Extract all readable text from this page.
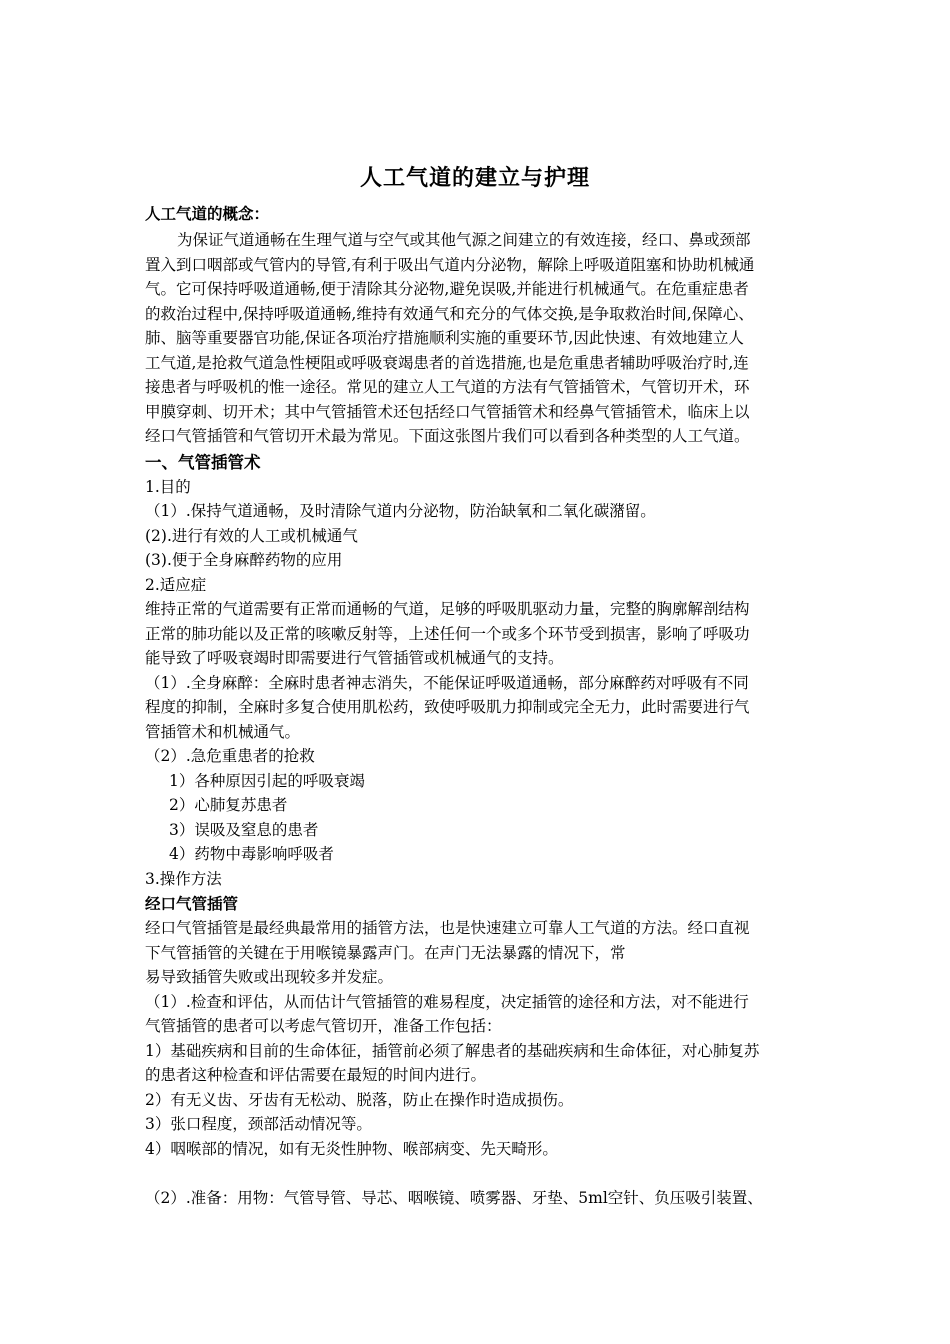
人工气道的建立与护理
人工气道的概念：
为保证气道通畅在生理气道与空气或其他气源之间建立的有效连接，经口、鼻或颈部
置入到口咽部或气管内的导管,有利于吸出气道内分泌物，解除上呼吸道阻塞和协助机械通
气。它可保持呼吸道通畅,便于清除其分泌物,避免误吸,并能进行机械通气。在危重症患者
的救治过程中,保持呼吸道通畅,维持有效通气和充分的气体交换,是争取救治时间,保障心、
肺、脑等重要器官功能,保证各项治疗措施顺利实施的重要环节,因此快速、有效地建立人
工气道,是抢救气道急性梗阻或呼吸衰竭患者的首选措施,也是危重患者辅助呼吸治疗时,连
接患者与呼吸机的惟一途径。常见的建立人工气道的方法有气管插管术，气管切开术，环
甲膜穿刺、切开术；其中气管插管术还包括经口气管插管术和经鼻气管插管术，临床上以
经口气管插管和气管切开术最为常见。下面这张图片我们可以看到各种类型的人工气道。
一、气管插管术
1.目的
（1）.保持气道通畅，及时清除气道内分泌物，防治缺氧和二氧化碳潴留。
(2).进行有效的人工或机械通气
(3).便于全身麻醉药物的应用
2.适应症
维持正常的气道需要有正常而通畅的气道，足够的呼吸肌驱动力量，完整的胸廓解剖结构
正常的肺功能以及正常的咳嗽反射等，上述任何一个或多个环节受到损害，影响了呼吸功
能导致了呼吸衰竭时即需要进行气管插管或机械通气的支持。
（1）.全身麻醉：全麻时患者神志消失，不能保证呼吸道通畅，部分麻醉药对呼吸有不同
程度的抑制，全麻时多复合使用肌松药，致使呼吸肌力抑制或完全无力，此时需要进行气
管插管术和机械通气。
（2）.急危重患者的抢救
1）各种原因引起的呼吸衰竭
2）心肺复苏患者
3）误吸及窒息的患者
4）药物中毒影响呼吸者
3.操作方法
经口气管插管
经口气管插管是最经典最常用的插管方法，也是快速建立可靠人工气道的方法。经口直视
下气管插管的关键在于用喉镜暴露声门。在声门无法暴露的情况下，常
易导致插管失败或出现较多并发症。
（1）.检查和评估，从而估计气管插管的难易程度，决定插管的途径和方法，对不能进行
气管插管的患者可以考虑气管切开，准备工作包括：
1）基础疾病和目前的生命体征，插管前必须了解患者的基础疾病和生命体征，对心肺复苏
的患者这种检查和评估需要在最短的时间内进行。
2）有无义齿、牙齿有无松动、脱落，防止在操作时造成损伤。
3）张口程度，颈部活动情况等。
4）咽喉部的情况，如有无炎性肿物、喉部病变、先天畸形。
（2）.准备：用物：气管导管、导芯、咽喉镜、喷雾器、牙垫、5ml空针、负压吸引装置、
